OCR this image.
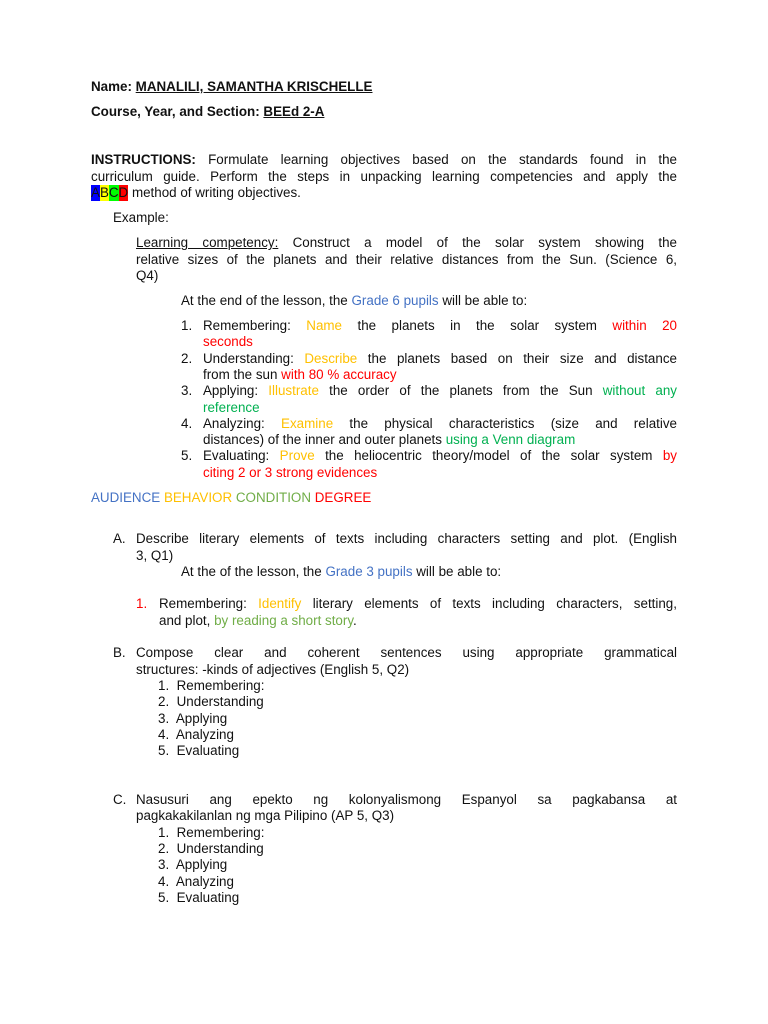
Name: MANALILI, SAMANTHA KRISCHELLE
Course, Year, and Section: BEEd 2-A
INSTRUCTIONS: Formulate learning objectives based on the standards found in the
curriculum guide. Perform the steps in unpacking learning competencies and apply the
ABCD method of writing objectives.
Example:
Learning competency: Construct a model of the solar system showing the
relative sizes of the planets and their relative distances from the Sun. (Science 6,
Q4)
At the end of the lesson, the Grade 6 pupils will be able to:
1. Remembering: Name the planets in the solar system within 20
seconds
2. Understanding: Describe the planets based on their size and distance
from the sun with 80 % accuracy
3. Applying: Illustrate the order of the planets from the Sun without any
reference
4. Analyzing: Examine the physical characteristics (size and relative
distances) of the inner and outer planets using a Venn diagram
5. Evaluating: Prove the heliocentric theory/model of the solar system by
citing 2 or 3 strong evidences
AUDIENCE BEHAVIOR CONDITION DEGREE
A. Describe literary elements of texts including characters setting and plot. (English
3, Q1)
At the of the lesson, the Grade 3 pupils will be able to:
1. Remembering: Identify literary elements of texts including characters, setting,
and plot, by reading a short story.
B. Compose clear and coherent sentences using appropriate grammatical
structures: -kinds of adjectives (English 5, Q2)
1. Remembering:
2. Understanding
3. Applying
4. Analyzing
5. Evaluating
C. Nasusuri ang epekto ng kolonyalismong Espanyol sa pagkabansa at
pagkakakilanlan ng mga Pilipino (AP 5, Q3)
1. Remembering:
2. Understanding
3. Applying
4. Analyzing
5. Evaluating
